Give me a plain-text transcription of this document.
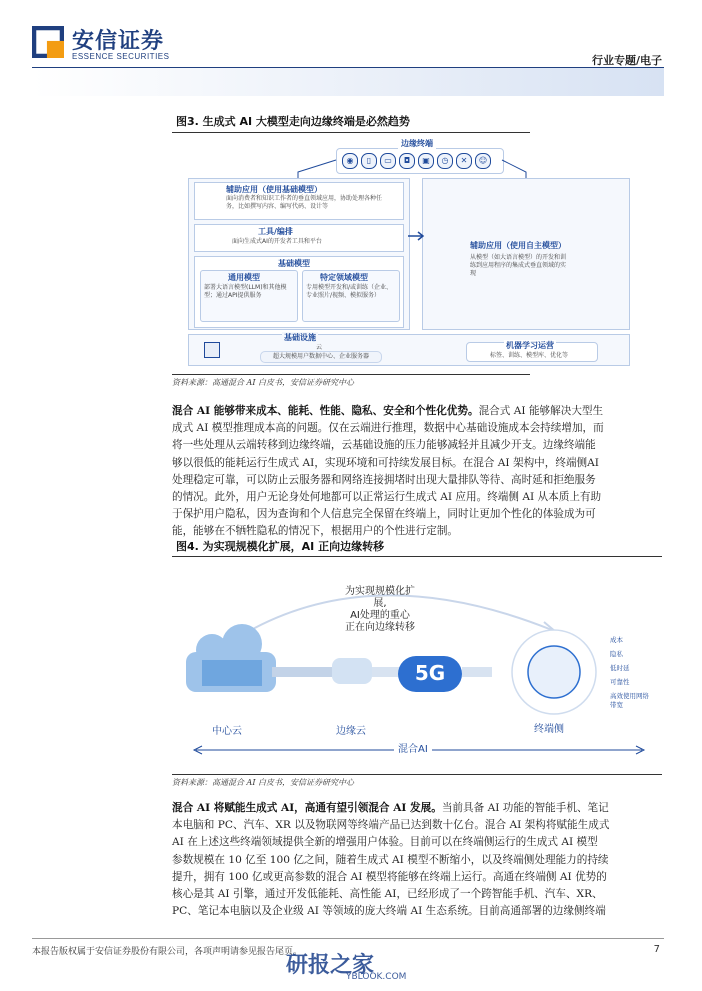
安信证券
ESSENCE SECURITIES	行业专题/电子
图3. 生成式 AI 大模型走向边缘终端是必然趋势
边缘终端
◉	▯	▭	◘	▣	◷	✕	☺
辅助应用（使用基础模型）
面向消费者和知识工作者的垂直领域应用，协助处理各种任务，比如撰写内容、编写代码、设计等
工具/编排
面向生成式AI的开发者工具和平台
基础模型
通用模型
部署大语言模型(LLM)和其他模型；通过API提供服务
特定领域模型
专用模型开发和/或训练（企业、专业照片/视频、模拟服务）
辅助应用（使用自主模型）
从模型（如大语言模型）的开发和训练到应用程序的集成式垂直领域的实现
基础设施
云
超大规模用户数据中心、企业服务器
机器学习运营
标签、训练、模型库、优化等
资料来源：高通混合 AI 白皮书，安信证券研究中心
混合 AI 能够带来成本、能耗、性能、隐私、安全和个性化优势。混合式 AI 能够解决大型生
成式 AI 模型推理成本高的问题。仅在云端进行推理，数据中心基础设施成本会持续增加，而
将一些处理从云端转移到边缘终端，云基础设施的压力能够减轻并且减少开支。边缘终端能
够以很低的能耗运行生成式 AI，实现环境和可持续发展目标。在混合 AI 架构中，终端侧AI
处理稳定可靠，可以防止云服务器和网络连接拥堵时出现大量排队等待、高时延和拒绝服务
的情况。此外，用户无论身处何地都可以正常运行生成式 AI 应用。终端侧 AI 从本质上有助
于保护用户隐私，因为查询和个人信息完全保留在终端上，同时让更加个性化的体验成为可
能，能够在不牺牲隐私的情况下，根据用户的个性进行定制。
图4. 为实现规模化扩展，AI 正向边缘转移
为实现规模化扩展,
AI处理的重心
正在向边缘转移
5G
中心云	边缘云	终端侧
混合AI
成本
隐私
低时延
可靠性
高效使用网络带宽
资料来源：高通混合 AI 白皮书，安信证券研究中心
混合 AI 将赋能生成式 AI，高通有望引领混合 AI 发展。当前具备 AI 功能的智能手机、笔记
本电脑和 PC、汽车、XR 以及物联网等终端产品已达到数十亿台。混合 AI 架构将赋能生成式
AI 在上述这些终端领域提供全新的增强用户体验。目前可以在终端侧运行的生成式 AI 模型
参数规模在 10 亿至 100 亿之间，随着生成式 AI 模型不断缩小，以及终端侧处理能力的持续
提升，拥有 100 亿或更高参数的混合 AI 模型将能够在终端上运行。高通在终端侧 AI 优势的
核心是其 AI 引擎，通过开发低能耗、高性能 AI，已经形成了一个跨智能手机、汽车、XR、
PC、笔记本电脑以及企业级 AI 等领域的庞大终端 AI 生态系统。目前高通部署的边缘侧终端
本报告版权属于安信证券股份有限公司，各项声明请参见报告尾页。	7
研报之家
YBLOOK.COM
